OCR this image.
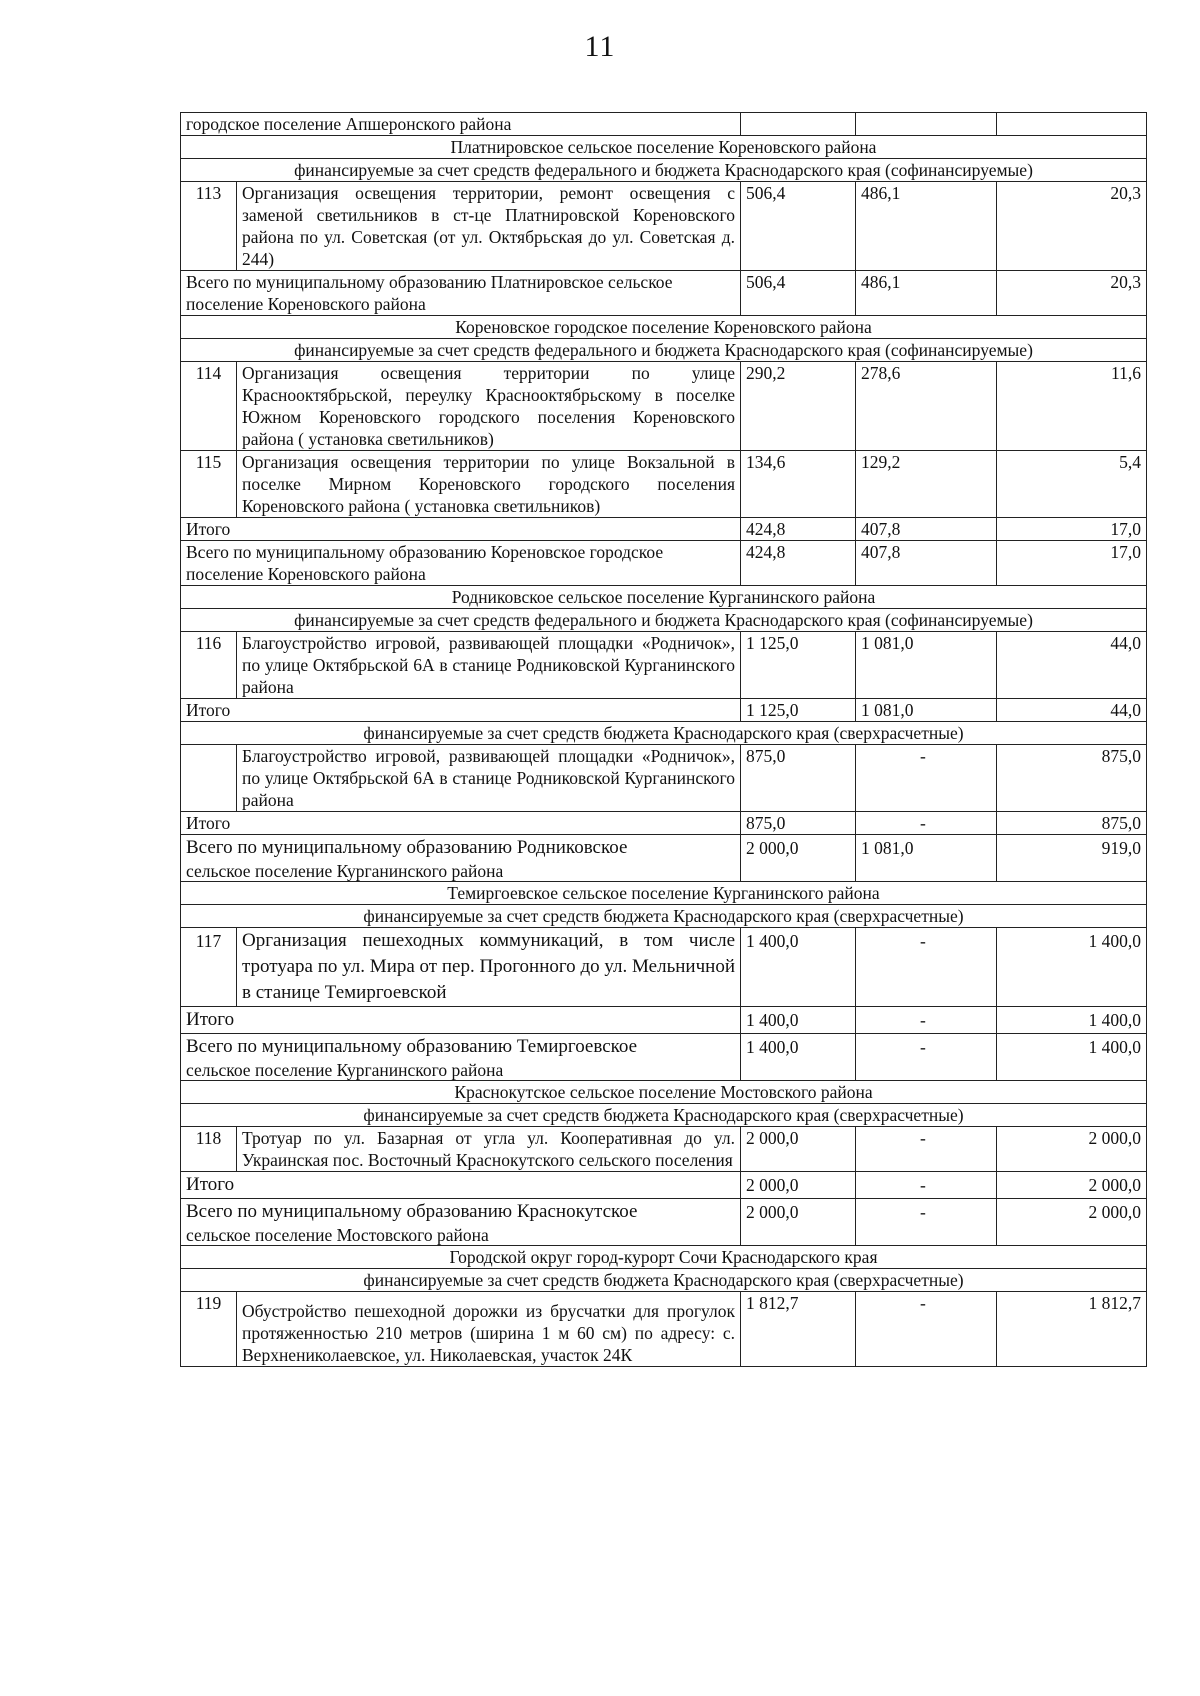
11
городское поселение Апшеронского района				
Платнировское сельское поселение Кореновского района				
финансируемые за счет средств федерального и бюджета Краснодарского края (софинансируемые)				
113	Организация освещения территории, ремонт освещения с заменой светильников в ст-це Платнировской Кореновского района по ул. Советская (от ул. Октябрьская до ул. Советская д. 244)	506,4	486,1	20,3
Всего по муниципальному образованию Платнировское сельское поселение Кореновского района		506,4	486,1	20,3
Кореновское городское поселение Кореновского района				
финансируемые за счет средств федерального и бюджета Краснодарского края (софинансируемые)				
114	Организация освещения территории по улице Краснооктябрьской, переулку Краснооктябрьскому в поселке Южном Кореновского городского поселения Кореновского района ( установка светильников)	290,2	278,6	11,6
115	Организация освещения территории по улице Вокзальной в поселке Мирном Кореновского городского поселения Кореновского района ( установка светильников)	134,6	129,2	5,4
Итого		424,8	407,8	17,0
Всего по муниципальному образованию Кореновское городское поселение Кореновского района		424,8	407,8	17,0
Родниковское сельское поселение Курганинского района				
финансируемые за счет средств федерального и бюджета Краснодарского края (софинансируемые)				
116	Благоустройство игровой, развивающей площадки «Родничок», по улице Октябрьской 6А в станице Родниковской Курганинского района	1 125,0	1 081,0	44,0
Итого		1 125,0	1 081,0	44,0
финансируемые за счет средств бюджета Краснодарского края (сверхрасчетные)				
	Благоустройство игровой, развивающей площадки «Родничок», по улице Октябрьской 6А в станице Родниковской Курганинского района	875,0	-	875,0
Итого		875,0	-	875,0

Всего по муниципальному образованию Родниковское
сельское поселение Курганинского района		2 000,0	1 081,0	919,0
Темиргоевское сельское поселение Курганинского района				
финансируемые за счет средств бюджета Краснодарского края (сверхрасчетные)				
117	Организация пешеходных коммуникаций, в том числе тротуара по ул. Мира от пер. Прогонного до ул. Мельничной в станице Темиргоевской	1 400,0	-	1 400,0
Итого		1 400,0	-	1 400,0

Всего по муниципальному образованию Темиргоевское
сельское поселение Курганинского района		1 400,0	-	1 400,0
Краснокутское сельское поселение Мостовского района				
финансируемые за счет средств бюджета Краснодарского края (сверхрасчетные)				
118	Тротуар по ул. Базарная от угла ул. Кооперативная до ул. Украинская пос. Восточный Краснокутского сельского поселения	2 000,0	-	2 000,0
Итого		2 000,0	-	2 000,0

Всего по муниципальному образованию Краснокутское
сельское поселение Мостовского района		2 000,0	-	2 000,0
Городской округ город-курорт Сочи Краснодарского края				
финансируемые за счет средств бюджета Краснодарского края (сверхрасчетные)				
119	Обустройство пешеходной дорожки из брусчатки для прогулок протяженностью 210 метров (ширина 1 м 60 см) по адресу: с. Верхнениколаевское, ул. Николаевская, участок 24К	1 812,7	-	1 812,7
